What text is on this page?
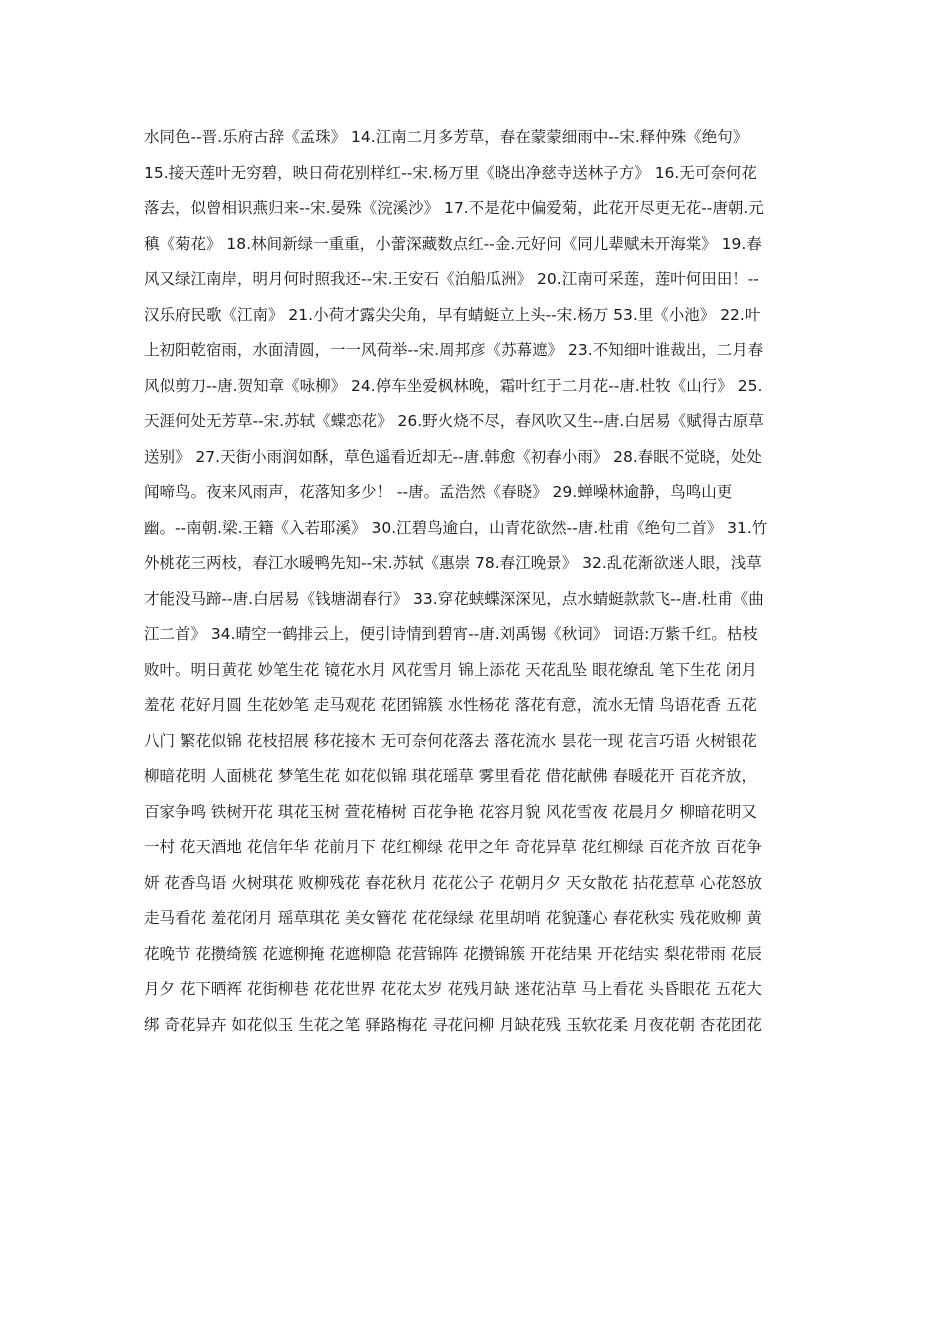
水同色--晋.乐府古辞《孟珠》 14.江南二月多芳草，春在蒙蒙细雨中--宋.释仲殊《绝句》
15.接天莲叶无穷碧，映日荷花别样红--宋.杨万里《晓出净慈寺送林子方》 16.无可奈何花
落去，似曾相识燕归来--宋.晏殊《浣溪沙》 17.不是花中偏爱菊，此花开尽更无花--唐朝.元
稹《菊花》 18.林间新绿一重重，小蕾深藏数点红--金.元好问《同儿辈赋未开海棠》 19.春
风又绿江南岸，明月何时照我还--宋.王安石《泊船瓜洲》 20.江南可采莲，莲叶何田田！--
汉乐府民歌《江南》 21.小荷才露尖尖角，早有蜻蜓立上头--宋.杨万 53.里《小池》 22.叶
上初阳乾宿雨，水面清圆，一一风荷举--宋.周邦彦《苏幕遮》 23.不知细叶谁裁出，二月春
风似剪刀--唐.贺知章《咏柳》 24.停车坐爱枫林晚，霜叶红于二月花--唐.杜牧《山行》 25.
天涯何处无芳草--宋.苏轼《蝶恋花》 26.野火烧不尽，春风吹又生--唐.白居易《赋得古原草
送别》 27.天街小雨润如酥，草色遥看近却无--唐.韩愈《初春小雨》 28.春眠不觉晓，处处
闻啼鸟。夜来风雨声，花落知多少！ --唐。孟浩然《春晓》 29.蝉噪林逾静，鸟鸣山更
幽。--南朝.梁.王籍《入若耶溪》 30.江碧鸟逾白，山青花欲然--唐.杜甫《绝句二首》 31.竹
外桃花三两枝，春江水暖鸭先知--宋.苏轼《惠崇 78.春江晚景》 32.乱花渐欲迷人眼，浅草
才能没马蹄--唐.白居易《钱塘湖春行》 33.穿花蛱蝶深深见，点水蜻蜓款款飞--唐.杜甫《曲
江二首》 34.晴空一鹤排云上，便引诗情到碧宵--唐.刘禹锡《秋词》 词语:万紫千红。枯枝
败叶。明日黄花 妙笔生花 镜花水月 风花雪月 锦上添花 天花乱坠 眼花缭乱 笔下生花 闭月
羞花 花好月圆 生花妙笔 走马观花 花团锦簇 水性杨花 落花有意，流水无情 鸟语花香 五花
八门 繁花似锦 花枝招展 移花接木 无可奈何花落去 落花流水 昙花一现 花言巧语 火树银花
柳暗花明 人面桃花 梦笔生花 如花似锦 琪花瑶草 雾里看花 借花献佛 春暖花开 百花齐放，
百家争鸣 铁树开花 琪花玉树 萱花椿树 百花争艳 花容月貌 风花雪夜 花晨月夕 柳暗花明又
一村 花天酒地 花信年华 花前月下 花红柳绿 花甲之年 奇花异草 花红柳绿 百花齐放 百花争
妍 花香鸟语 火树琪花 败柳残花 春花秋月 花花公子 花朝月夕 天女散花 拈花惹草 心花怒放
走马看花 羞花闭月 瑶草琪花 美女簪花 花花绿绿 花里胡哨 花貌蓬心 春花秋实 残花败柳 黄
花晚节 花攒绮簇 花遮柳掩 花遮柳隐 花营锦阵 花攒锦簇 开花结果 开花结实 梨花带雨 花辰
月夕 花下晒裈 花街柳巷 花花世界 花花太岁 花残月缺 迷花沾草 马上看花 头昏眼花 五花大
绑 奇花异卉 如花似玉 生花之笔 驿路梅花 寻花问柳 月缺花残 玉软花柔 月夜花朝 杏花团花
